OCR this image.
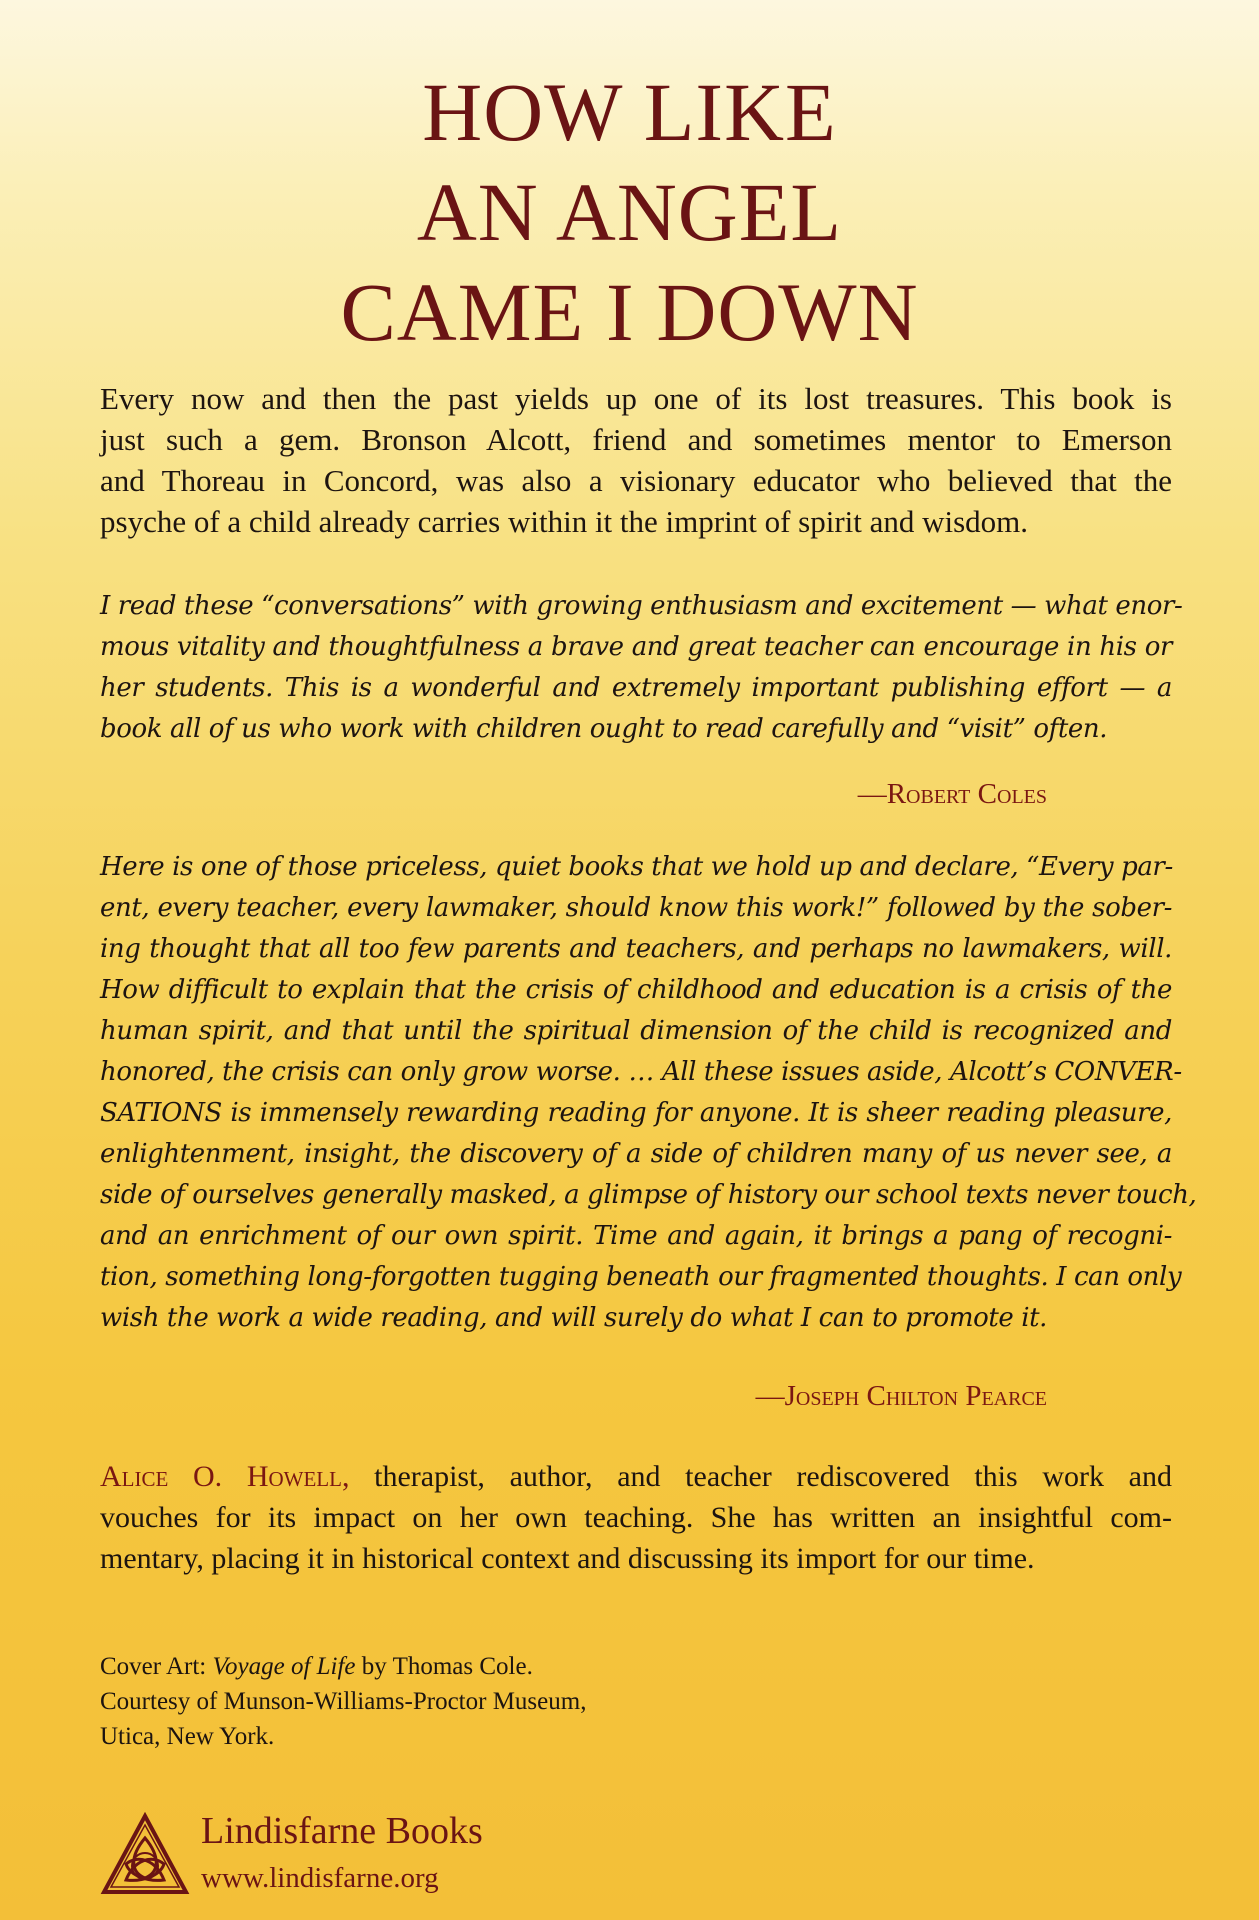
HOW LIKE
AN ANGEL
CAME I DOWN
Every now and then the past yields up one of its lost treasures. This book is
just such a gem. Bronson Alcott, friend and sometimes mentor to Emerson
and Thoreau in Concord, was also a visionary educator who believed that the
psyche of a child already carries within it the imprint of spirit and wisdom.
I read these “conversations” with growing enthusiasm and excitement — what enor-
mous vitality and thoughtfulness a brave and great teacher can encourage in his or
her students. This is a wonderful and extremely important publishing effort — a
book all of us who work with children ought to read carefully and “visit” often.
—Robert Coles
Here is one of those priceless, quiet books that we hold up and declare, “Every par-
ent, every teacher, every lawmaker, should know this work!” followed by the sober-
ing thought that all too few parents and teachers, and perhaps no lawmakers, will.
How difficult to explain that the crisis of childhood and education is a crisis of the
human spirit, and that until the spiritual dimension of the child is recognized and
honored, the crisis can only grow worse. … All these issues aside, Alcott’s CONVER-
SATIONS is immensely rewarding reading for anyone. It is sheer reading pleasure,
enlightenment, insight, the discovery of a side of children many of us never see, a
side of ourselves generally masked, a glimpse of history our school texts never touch,
and an enrichment of our own spirit. Time and again, it brings a pang of recogni-
tion, something long-forgotten tugging beneath our fragmented thoughts. I can only
wish the work a wide reading, and will surely do what I can to promote it.
—Joseph Chilton Pearce
Alice O. Howell, therapist, author, and teacher rediscovered this work and
vouches for its impact on her own teaching. She has written an insightful com-
mentary, placing it in historical context and discussing its import for our time.
Cover Art: Voyage of Life by Thomas Cole.
Courtesy of Munson-Williams-Proctor Museum,
Utica, New York.
Lindisfarne Books
www.lindisfarne.org
